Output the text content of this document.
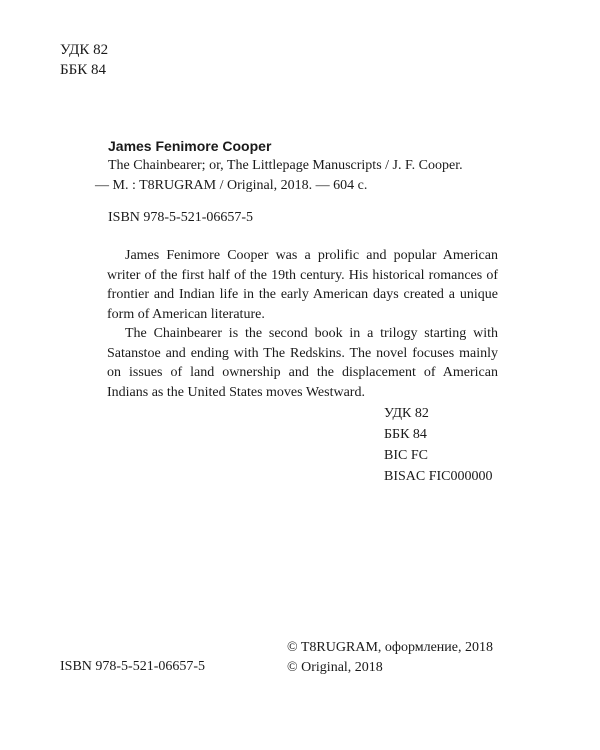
УДК 82
ББК 84
James Fenimore Cooper
The Chainbearer; or, The Littlepage Manuscripts / J. F. Cooper.
— M. : T8RUGRAM / Original, 2018. — 604 с.
ISBN 978-5-521-06657-5

James Fenimore Cooper was a prolific and popular American writer of the first half of the 19th century. His historical romances of frontier and Indian life in the early American days created a unique form of American literature.

The Chainbearer is the second book in a trilogy starting with Satanstoe and ending with The Redskins. The novel focuses mainly on issues of land ownership and the displacement of American Indians as the United States moves Westward.

УДК 82
ББК 84
BIC FC
BISAC FIC000000
© T8RUGRAM, оформление, 2018
© Original, 2018
ISBN 978-5-521-06657-5
